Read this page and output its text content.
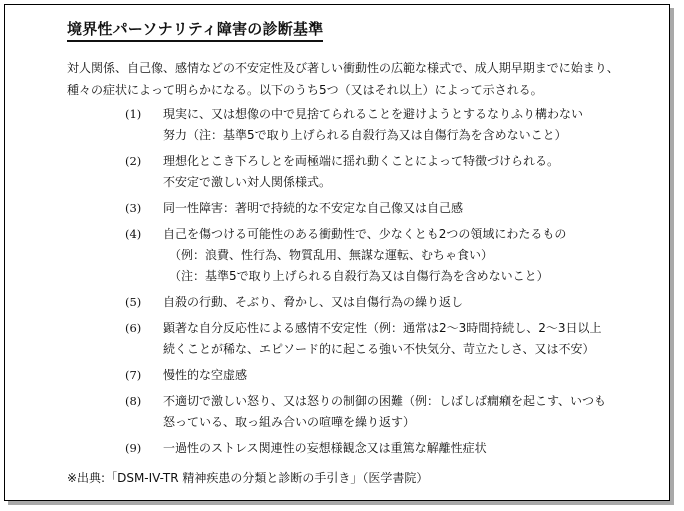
境界性パーソナリティ障害の診断基準
対人関係、自己像、感情などの不安定性及び著しい衝動性の広範な様式で、成人期早期までに始まり、
種々の症状によって明らかになる。以下のうち5つ（又はそれ以上）によって示される。
(1) 現実に、又は想像の中で見捨てられることを避けようとするなりふり構わない
努力（注：基準5で取り上げられる自殺行為又は自傷行為を含めないこと）
(2) 理想化とこき下ろしとを両極端に揺れ動くことによって特徴づけられる。
不安定で激しい対人関係様式。
(3) 同一性障害：著明で持続的な不安定な自己像又は自己感
(4) 自己を傷つける可能性のある衝動性で、少なくとも2つの領域にわたるもの
（例：浪費、性行為、物質乱用、無謀な運転、むちゃ食い）
（注：基準5で取り上げられる自殺行為又は自傷行為を含めないこと）
(5) 自殺の行動、そぶり、脅かし、又は自傷行為の繰り返し
(6) 顕著な自分反応性による感情不安定性（例：通常は2～3時間持続し、2～3日以上
続くことが稀な、エピソード的に起こる強い不快気分、苛立たしさ、又は不安）
(7) 慢性的な空虚感
(8) 不適切で激しい怒り、又は怒りの制御の困難（例：しばしば癇癪を起こす、いつも
怒っている、取っ組み合いの喧嘩を繰り返す）
(9) 一過性のストレス関連性の妄想様観念又は重篤な解離性症状
※出典:「DSM-IV-TR 精神疾患の分類と診断の手引き」（医学書院）
